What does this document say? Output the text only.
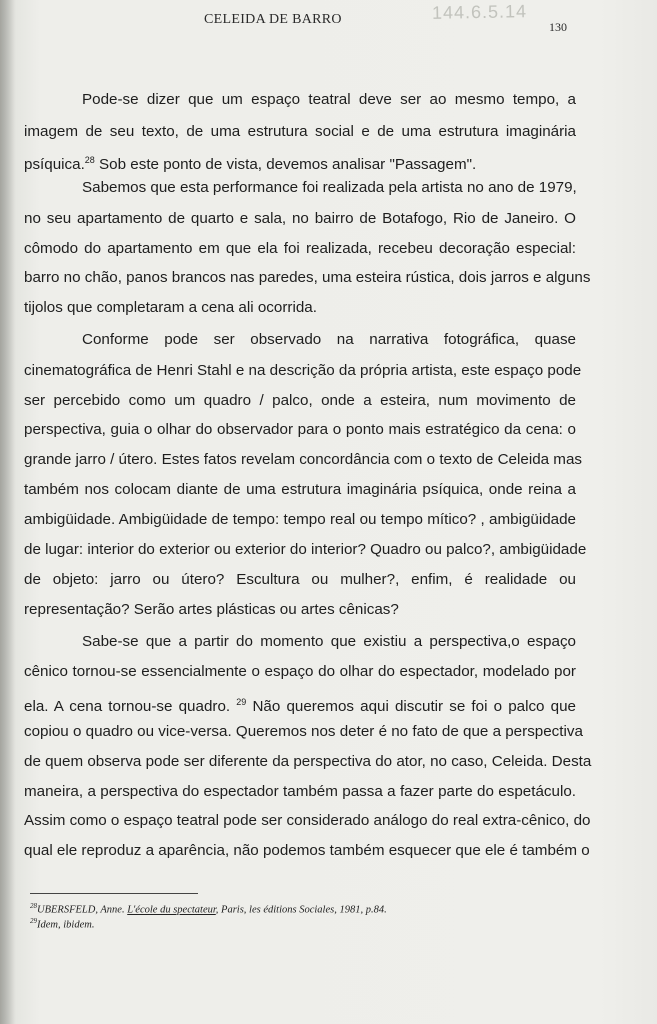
144.6.5.14
CELEIDA DE BARRO	130
Pode-se dizer que um espaço teatral deve ser ao mesmo tempo, a
imagem de seu texto, de uma estrutura social e de uma estrutura imaginária
psíquica.$^{28}$ Sob este ponto de vista, devemos analisar "Passagem".
Sabemos que esta performance foi realizada pela artista no ano de 1979,
no seu apartamento de quarto e sala, no bairro de Botafogo, Rio de Janeiro. O
cômodo do apartamento em que ela foi realizada, recebeu decoração especial:
barro no chão, panos brancos nas paredes, uma esteira rústica, dois jarros e alguns
tijolos que completaram a cena ali ocorrida.
Conforme pode ser observado na narrativa fotográfica, quase
cinematográfica de Henri Stahl e na descrição da própria artista, este espaço pode
ser percebido como um quadro / palco, onde a esteira, num movimento de
perspectiva, guia o olhar do observador para o ponto mais estratégico da cena: o
grande jarro / útero. Estes fatos revelam concordância com o texto de Celeida mas
também nos colocam diante de uma estrutura imaginária psíquica, onde reina a
ambigüidade. Ambigüidade de tempo: tempo real ou tempo mítico? , ambigüidade
de lugar: interior do exterior ou exterior do interior? Quadro ou palco?, ambigüidade
de objeto: jarro ou útero? Escultura ou mulher?, enfim, é realidade ou
representação? Serão artes plásticas ou artes cênicas?
Sabe-se que a partir do momento que existiu a perspectiva,o espaço
cênico tornou-se essencialmente o espaço do olhar do espectador, modelado por
ela. A cena tornou-se quadro. $^{29}$ Não queremos aqui discutir se foi o palco que
copiou o quadro ou vice-versa. Queremos nos deter é no fato de que a perspectiva
de quem observa pode ser diferente da perspectiva do ator, no caso, Celeida. Desta
maneira, a perspectiva do espectador também passa a fazer parte do espetáculo.
Assim como o espaço teatral pode ser considerado análogo do real extra-cênico, do
qual ele reproduz a aparência, não podemos também esquecer que ele é também o
$^{28}$UBERSFELD, Anne. L'école du spectateur, Paris, les éditions Sociales, 1981, p.84.
$^{29}$Idem, ibidem.
